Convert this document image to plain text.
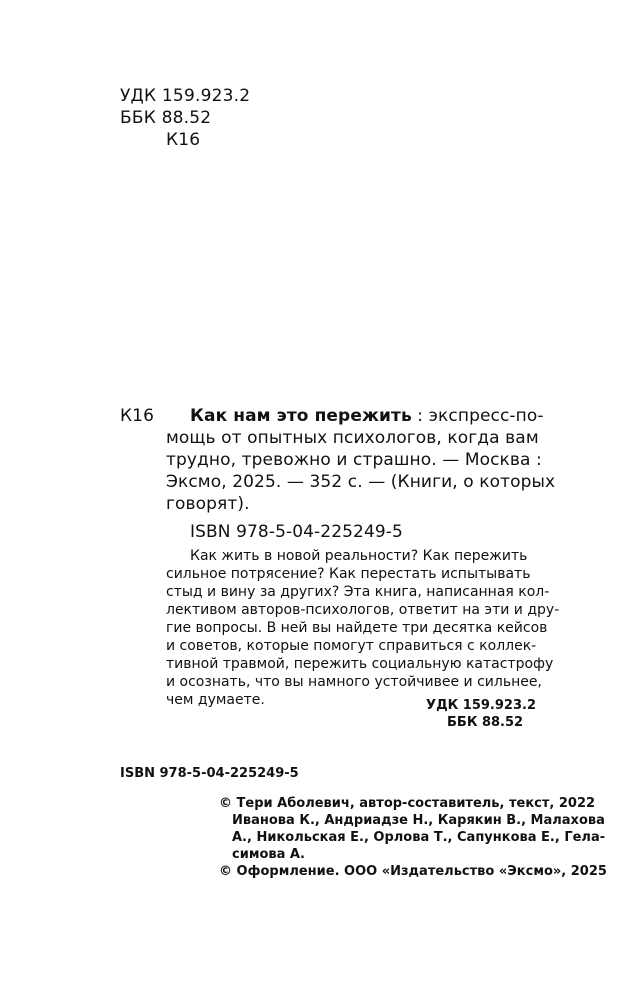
УДК 159.923.2
ББК 88.52
К16
К16 Как нам это пережить : экспресс-по-
мощь от опытных психологов, когда вам
трудно, тревожно и страшно. — Москва :
Эксмо, 2025. — 352 с. — (Книги, о которых
говорят).
ISBN 978-5-04-225249-5
Как жить в новой реальности? Как пережить
сильное потрясение? Как перестать испытывать
стыд и вину за других? Эта книга, написанная кол-
лективом авторов-психологов, ответит на эти и дру-
гие вопросы. В ней вы найдете три десятка кейсов
и советов, которые помогут справиться с коллек-
тивной травмой, пережить социальную катастрофу
и осознать, что вы намного устойчивее и сильнее,
чем думаете.	УДК 159.923.2
ББК 88.52
ISBN 978-5-04-225249-5
© Тери Аболевич, автор-составитель, текст, 2022
Иванова К., Андриадзе Н., Карякин В., Малахова
А., Никольская Е., Орлова Т., Сапункова Е., Гела-
симова А.
© Оформление. ООО «Издательство «Эксмо», 2025
